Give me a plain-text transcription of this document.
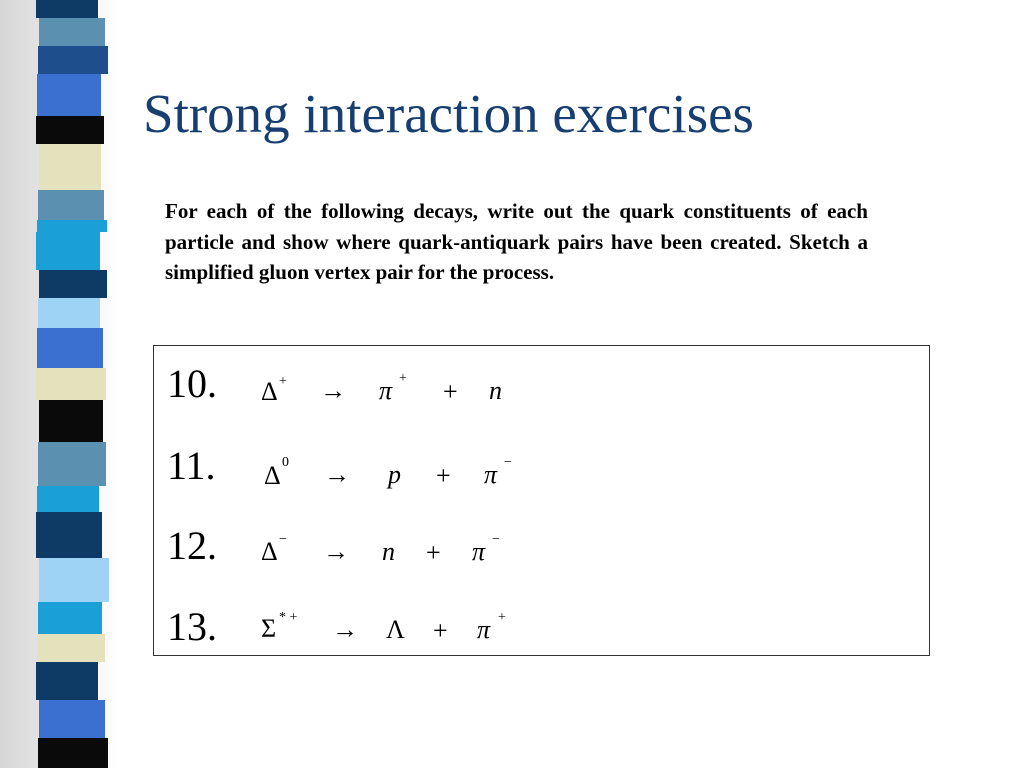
Strong interaction exercises

For each of the following decays, write out the quark constituents of each particle and show where quark-antiquark pairs have been created. Sketch a simplified gluon vertex pair for the process.

10. Δ + → π + + n
11. Δ 0 → p + π −
12. Δ − → n + π −
13. Σ * + → Λ + π +
